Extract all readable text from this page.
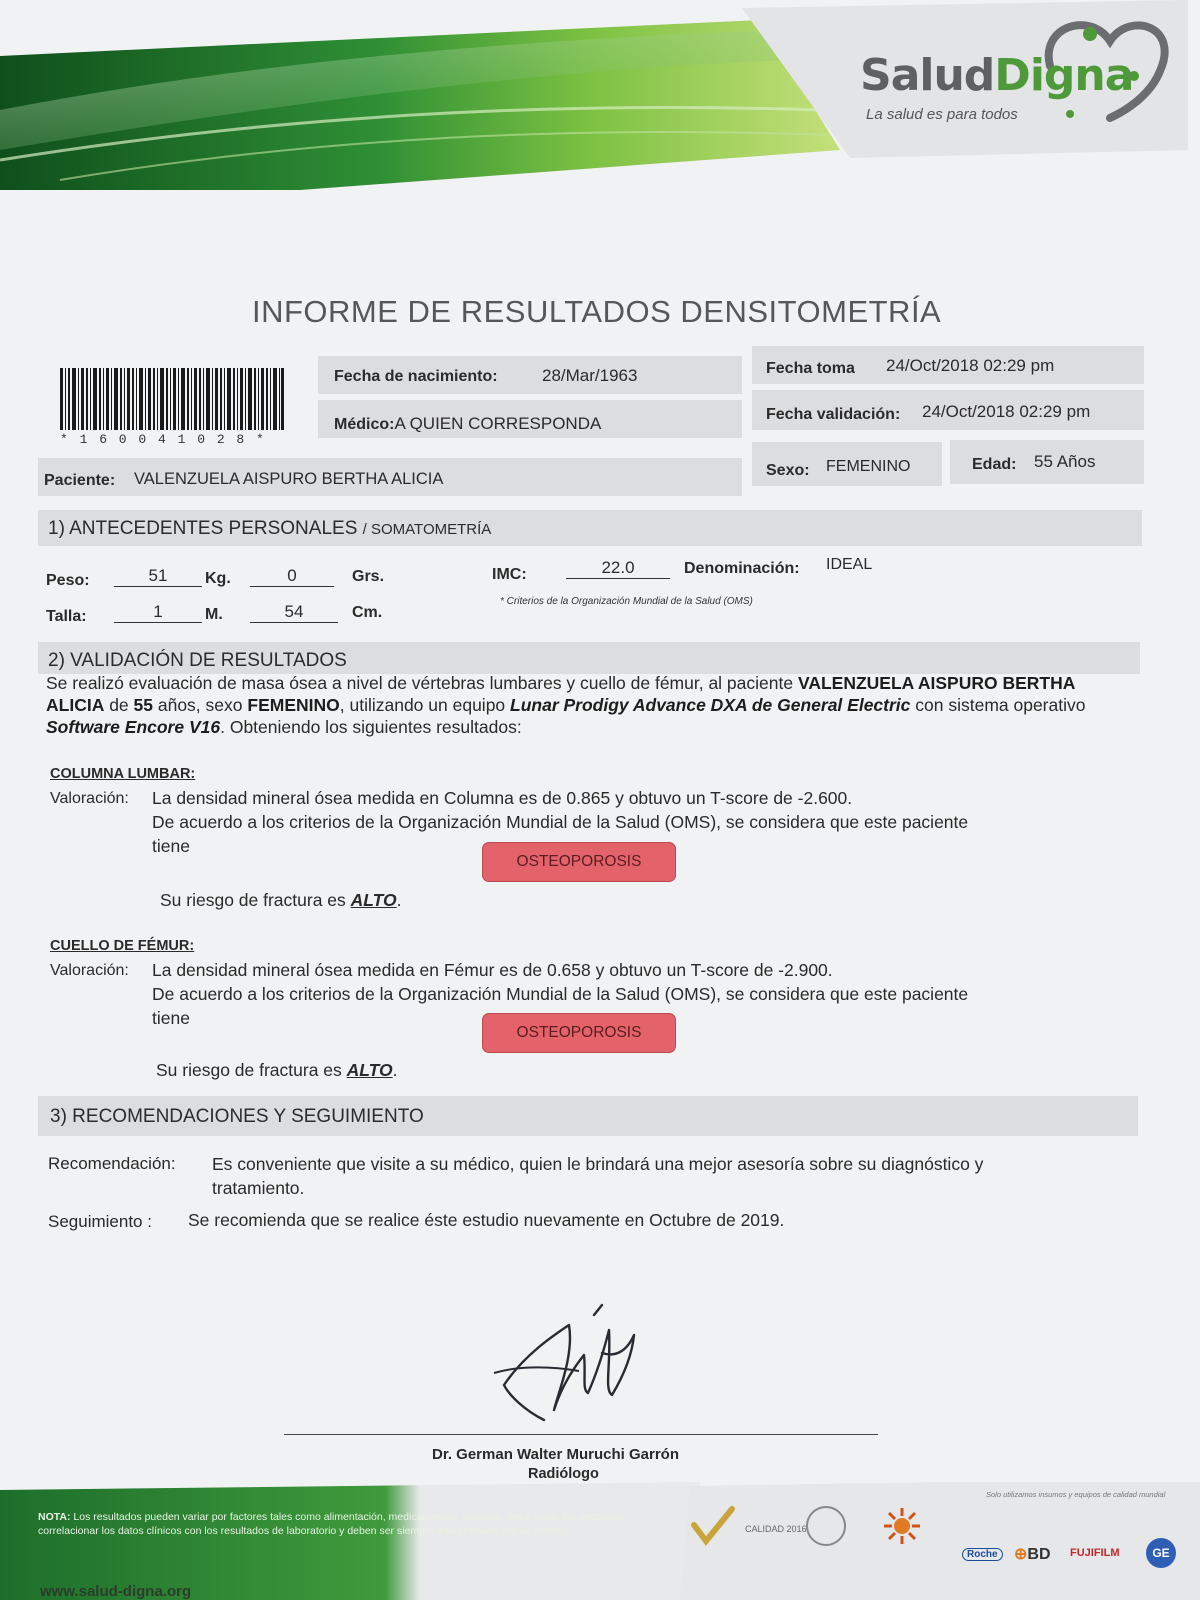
SaludDigna
La salud es para todos
INFORME DE RESULTADOS DENSITOMETRÍA
* 1 6 0 0 4 1 0 2 8 *
Fecha de nacimiento:	28/Mar/1963
Médico:A QUIEN CORRESPONDA
Fecha toma 24/Oct/2018 02:29 pm
Fecha validación: 24/Oct/2018 02:29 pm
Paciente: VALENZUELA AISPURO BERTHA ALICIA	Sexo: FEMENINO	Edad: 55 Años
1) ANTECEDENTES PERSONALES / SOMATOMETRÍA
Peso:	51	Kg.	0	Grs.
Talla:	1	M.	54	Cm.
IMC:	22.0	Denominación: IDEAL
* Criterios de la Organización Mundial de la Salud (OMS)
2) VALIDACIÓN DE RESULTADOS
Se realizó evaluación de masa ósea a nivel de vértebras lumbares y cuello de fémur, al paciente VALENZUELA AISPURO BERTHA ALICIA de 55 años, sexo FEMENINO, utilizando un equipo Lunar Prodigy Advance DXA de General Electric con sistema operativo Software Encore V16. Obteniendo los siguientes resultados:
COLUMNA LUMBAR:
Valoración: La densidad mineral ósea medida en Columna es de 0.865 y obtuvo un T-score de -2.600.
De acuerdo a los criterios de la Organización Mundial de la Salud (OMS), se considera que este paciente
tiene
OSTEOPOROSIS
Su riesgo de fractura es ALTO.
CUELLO DE FÉMUR:
Valoración: La densidad mineral ósea medida en Fémur es de 0.658 y obtuvo un T-score de -2.900.
De acuerdo a los criterios de la Organización Mundial de la Salud (OMS), se considera que este paciente
tiene
OSTEOPOROSIS
Su riesgo de fractura es ALTO.
3) RECOMENDACIONES Y SEGUIMIENTO
Recomendación: Es conveniente que visite a su médico, quien le brindará una mejor asesoría sobre su diagnóstico y
tratamiento.
Seguimiento : Se recomienda que se realice éste estudio nuevamente en Octubre de 2019.
Dr. German Walter Muruchi Garrón
Radiólogo
NOTA: Los resultados pueden variar por factores tales como alimentación, medicamentos, ejercicio, entre otros. Es necesario correlacionar los datos clínicos con los resultados de laboratorio y deben ser siempre interpretados por su médico.	CALIDAD 2016
Solo utilizamos insumos y equipos de calidad mundial
Roche	⊕BD FUJIFILM	GE
www.salud-digna.org
